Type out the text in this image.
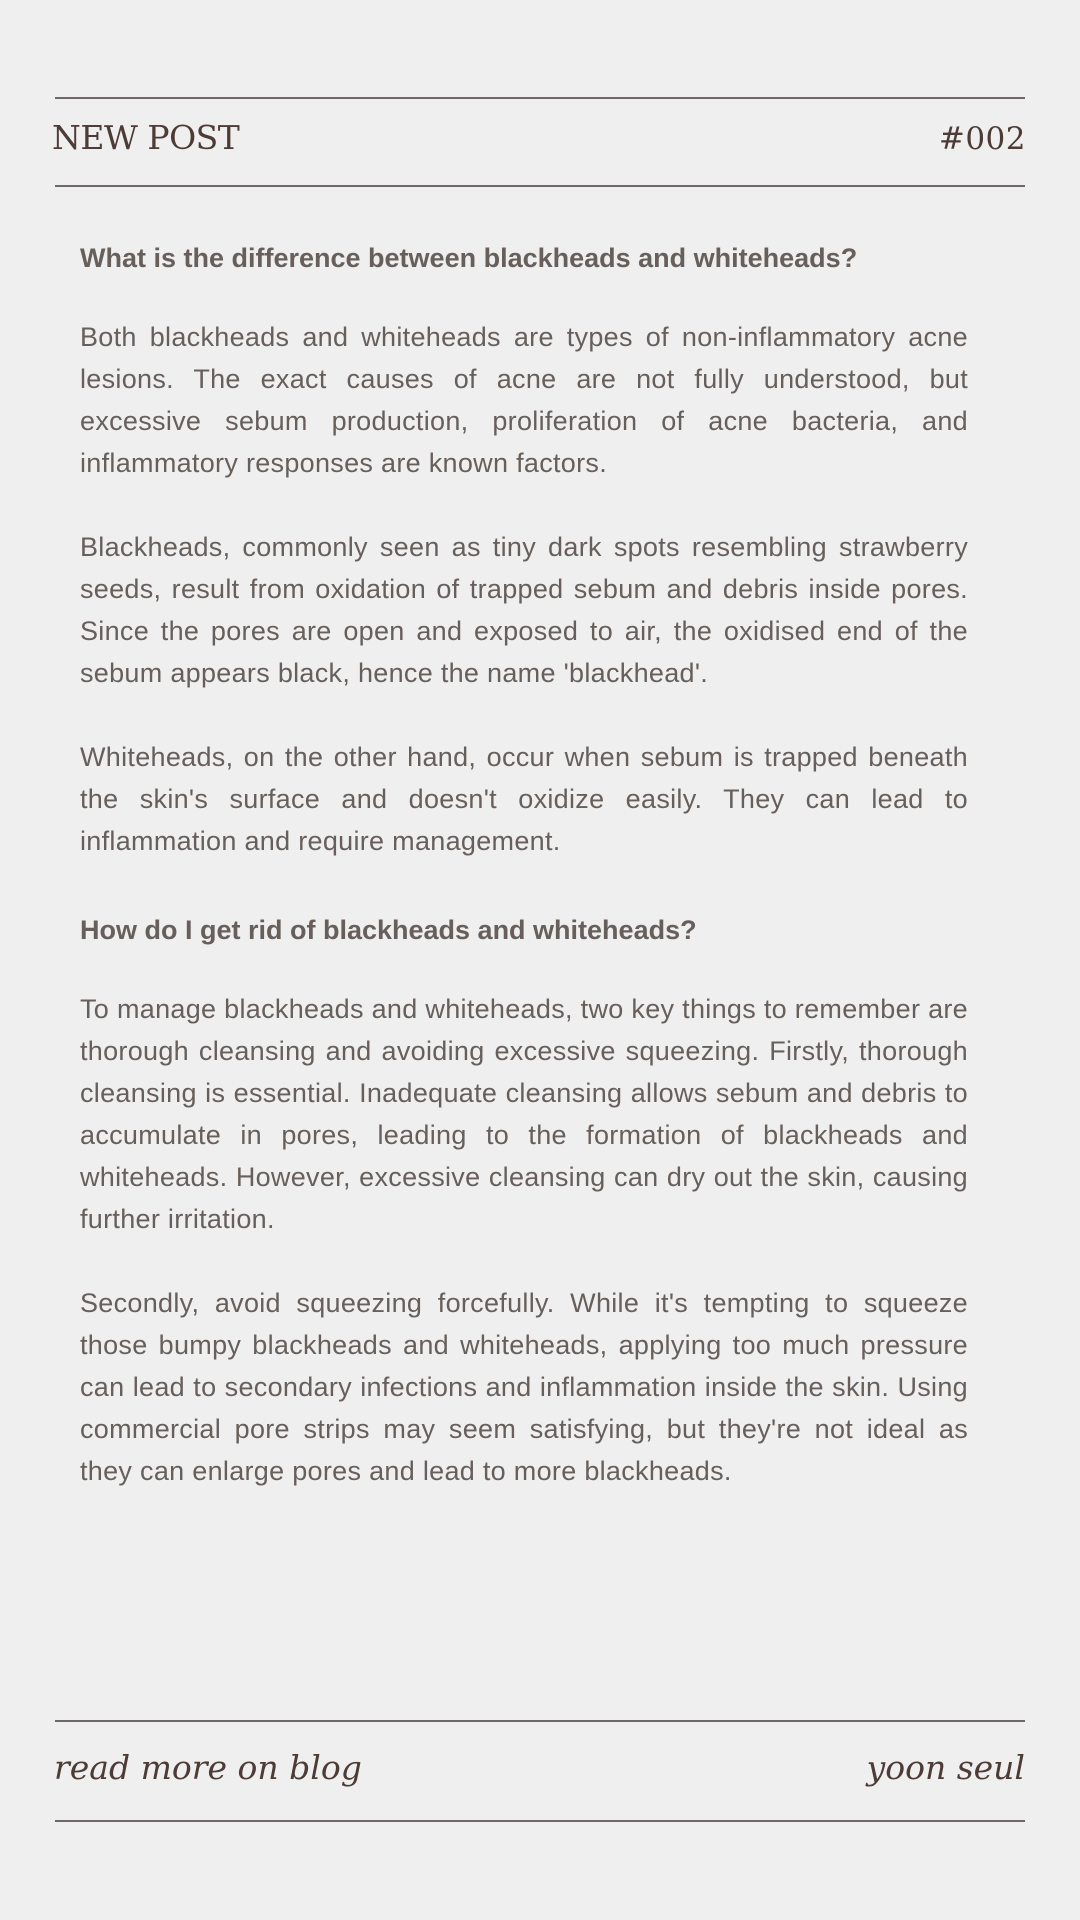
NEW POST	#002
What is the difference between blackheads and whiteheads?

Both blackheads and whiteheads are types of non-inflammatory acne lesions. The exact causes of acne are not fully understood, but excessive sebum production, proliferation of acne bacteria, and inflammatory responses are known factors.

Blackheads, commonly seen as tiny dark spots resembling strawberry seeds, result from oxidation of trapped sebum and debris inside pores. Since the pores are open and exposed to air, the oxidised end of the sebum appears black, hence the name 'blackhead'.

Whiteheads, on the other hand, occur when sebum is trapped beneath the skin's surface and doesn't oxidize easily. They can lead to inflammation and require management.

How do I get rid of blackheads and whiteheads?

To manage blackheads and whiteheads, two key things to remember are thorough cleansing and avoiding excessive squeezing. Firstly, thorough cleansing is essential. Inadequate cleansing allows sebum and debris to accumulate in pores, leading to the formation of blackheads and whiteheads. However, excessive cleansing can dry out the skin, causing further irritation.

Secondly, avoid squeezing forcefully. While it's tempting to squeeze those bumpy blackheads and whiteheads, applying too much pressure can lead to secondary infections and inflammation inside the skin. Using commercial pore strips may seem satisfying, but they're not ideal as they can enlarge pores and lead to more blackheads.

read more on blog	yoon seul
